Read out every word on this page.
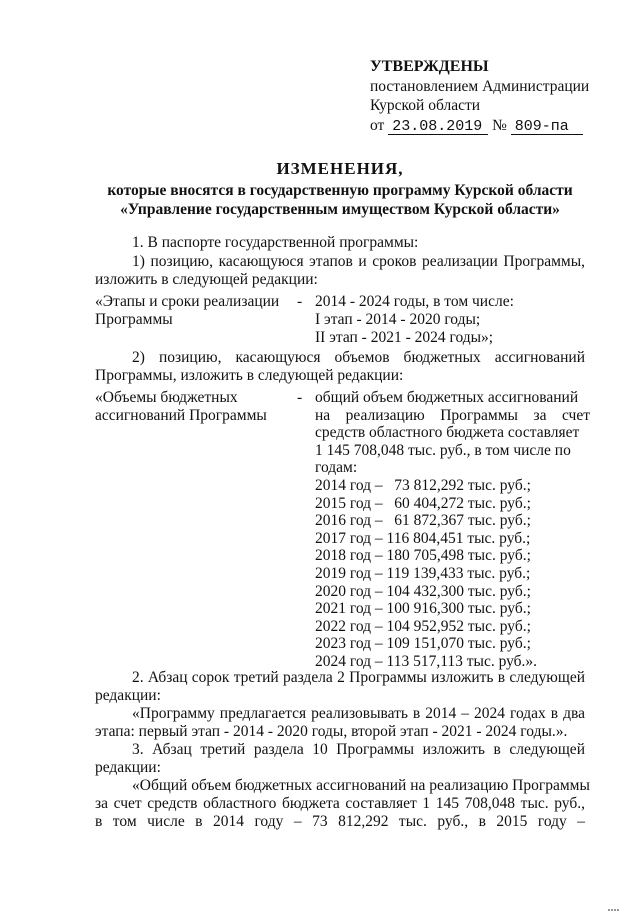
УТВЕРЖДЕНЫ
постановлением Администрации
Курской области
от 23.08.2019 № 809-па
ИЗМЕНЕНИЯ,
которые вносятся в государственную программу Курской области
«Управление государственным имуществом Курской области»
1. В паспорте государственной программы:
1) позицию, касающуюся этапов и сроков реализации Программы,
изложить в следующей редакции:
«Этапы и сроки реализации
Программы
- 2014 - 2024 годы, в том числе:
I этап - 2014 - 2020 годы;
II этап - 2021 - 2024 годы»;
2) позицию, касающуюся объемов бюджетных ассигнований
Программы, изложить в следующей редакции:
«Объемы бюджетных
ассигнований Программы
- общий объем бюджетных ассигнований
на реализацию Программы за счет
средств областного бюджета составляет
1 145 708,048 тыс. руб., в том числе по
годам:
2014 год –   73 812,292 тыс. руб.;
2015 год –   60 404,272 тыс. руб.;
2016 год –   61 872,367 тыс. руб.;
2017 год – 116 804,451 тыс. руб.;
2018 год – 180 705,498 тыс. руб.;
2019 год – 119 139,433 тыс. руб.;
2020 год – 104 432,300 тыс. руб.;
2021 год – 100 916,300 тыс. руб.;
2022 год – 104 952,952 тыс. руб.;
2023 год – 109 151,070 тыс. руб.;
2024 год – 113 517,113 тыс. руб.».
2. Абзац сорок третий раздела 2 Программы изложить в следующей
редакции:
«Программу предлагается реализовывать в 2014 – 2024 годах в два
этапа: первый этап - 2014 - 2020 годы, второй этап - 2021 - 2024 годы.».
3. Абзац третий раздела 10 Программы изложить в следующей
редакции:
«Общий объем бюджетных ассигнований на реализацию Программы
за счет средств областного бюджета составляет 1 145 708,048 тыс. руб.,
в том числе в 2014 году – 73 812,292 тыс. руб., в 2015 году –
